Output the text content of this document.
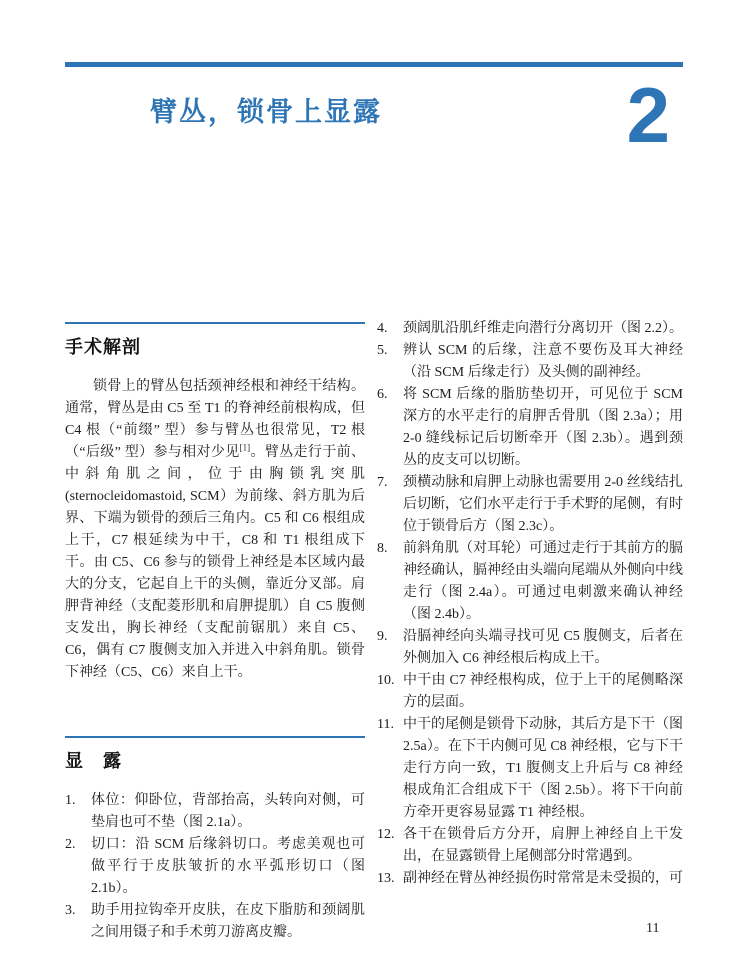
臂丛，锁骨上显露	2
手术解剖
锁骨上的臂丛包括颈神经根和神经干结构。通常，臂丛是由 C5 至 T1 的脊神经前根构成，但 C4 根（“前缀” 型）参与臂丛也很常见，T2 根（“后级” 型）参与相对少见[1]。臂丛走行于前、中斜角肌之间，位于由胸锁乳突肌 (sternocleidomastoid, SCM）为前缘、斜方肌为后界、下端为锁骨的颈后三角内。C5 和 C6 根组成上干，C7 根延续为中干，C8 和 T1 根组成下干。由 C5、C6 参与的锁骨上神经是本区域内最大的分支，它起自上干的头侧，靠近分叉部。肩胛背神经（支配菱形肌和肩胛提肌）自 C5 腹侧支发出，胸长神经（支配前锯肌）来自 C5、C6，偶有 C7 腹侧支加入并进入中斜角肌。锁骨下神经（C5、C6）来自上干。
显　露
1.	体位：仰卧位，背部抬高，头转向对侧，可垫肩也可不垫（图 2.1a）。
2.	切口：沿 SCM 后缘斜切口。考虑美观也可做平行于皮肤皱折的水平弧形切口（图 2.1b）。
3.	助手用拉钩牵开皮肤，在皮下脂肪和颈阔肌之间用镊子和手术剪刀游离皮瓣。
4.	颈阔肌沿肌纤维走向潜行分离切开（图 2.2）。
5.	辨认 SCM 的后缘，注意不要伤及耳大神经（沿 SCM 后缘走行）及头侧的副神经。
6.	将 SCM 后缘的脂肪垫切开，可见位于 SCM 深方的水平走行的肩胛舌骨肌（图 2.3a）；用 2-0 缝线标记后切断牵开（图 2.3b）。遇到颈丛的皮支可以切断。
7.	颈横动脉和肩胛上动脉也需要用 2-0 丝线结扎后切断，它们水平走行于手术野的尾侧，有时位于锁骨后方（图 2.3c）。
8.	前斜角肌（对耳轮）可通过走行于其前方的膈神经确认，膈神经由头端向尾端从外侧向中线走行（图 2.4a）。可通过电刺激来确认神经（图 2.4b）。
9.	沿膈神经向头端寻找可见 C5 腹侧支，后者在外侧加入 C6 神经根后构成上干。
10. 中干由 C7 神经根构成，位于上干的尾侧略深方的层面。
11. 中干的尾侧是锁骨下动脉，其后方是下干（图 2.5a）。在下干内侧可见 C8 神经根，它与下干走行方向一致，T1 腹侧支上升后与 C8 神经根成角汇合组成下干（图 2.5b）。将下干向前方牵开更容易显露 T1 神经根。
12. 各干在锁骨后方分开，肩胛上神经自上干发出，在显露锁骨上尾侧部分时常遇到。
13. 副神经在臂丛神经损伤时常常是未受损的，可
11
